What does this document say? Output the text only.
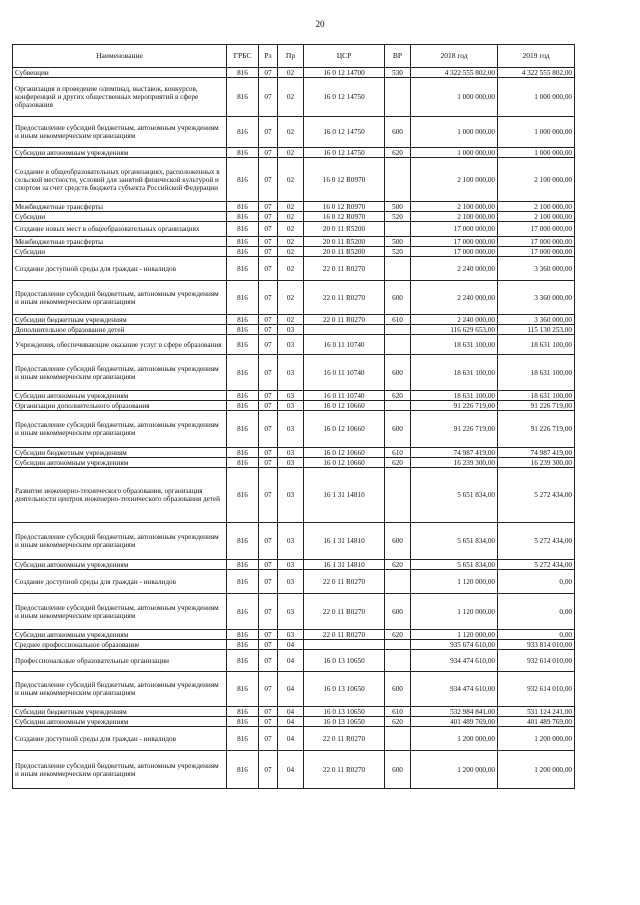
20
Наименование	ГРБС	Рз	Пр	ЦСР	ВР	2018 год	2019 год
Субвенции	816	07	02	16 0 12 14700	530	4 322 555 802,00	4 322 555 802,00
Организация и проведение олимпиад, выставок, конкурсов, конференций и других общественных мероприятий в сфере образования	816	07	02	16 0 12 14750		1 000 000,00	1 000 000,00
Предоставление субсидий бюджетным, автономным учреждениям и иным некоммерческим организациям	816	07	02	16 0 12 14750	600	1 000 000,00	1 000 000,00
Субсидии автономным учреждениям	816	07	02	16 0 12 14750	620	1 000 000,00	1 000 000,00
Создание в общеобразовательных организациях, расположенных в сельской местности, условий для занятий физической культурой и спортом за счет средств бюджета субъекта Российской Федерации	816	07	02	16 0 12 R0970		2 100 000,00	2 100 000,00
Межбюджетные трансферты	816	07	02	16 0 12 R0970	500	2 100 000,00	2 100 000,00
Субсидии	816	07	02	16 0 12 R0970	520	2 100 000,00	2 100 000,00
Создание новых мест в общеобразовательных организациях	816	07	02	20 0 11 R5200		17 000 000,00	17 000 000,00
Межбюджетные трансферты	816	07	02	20 0 11 R5200	500	17 000 000,00	17 000 000,00
Субсидии	816	07	02	20 0 11 R5200	520	17 000 000,00	17 000 000,00
Создание доступной среды для граждан - инвалидов	816	07	02	22 0 11 R0270		2 240 000,00	3 360 000,00
Предоставление субсидий бюджетным, автономным учреждениям и иным некоммерческим организациям	816	07	02	22 0 11 R0270	600	2 240 000,00	3 360 000,00
Субсидии бюджетным учреждениям	816	07	02	22 0 11 R0270	610	2 240 000,00	3 360 000,00
Дополнительное образование детей	816	07	03			116 629 653,00	115 130 253,00
Учреждения, обеспечивающие оказание услуг в сфере образования	816	07	03	16 0 11 10740		18 631 100,00	18 631 100,00
Предоставление субсидий бюджетным, автономным учреждениям и иным некоммерческим организациям	816	07	03	16 0 11 10740	600	18 631 100,00	18 631 100,00
Субсидии автономным учреждениям	816	07	03	16 0 11 10740	620	18 631 100,00	18 631 100,00
Организации дополнительного образования	816	07	03	16 0 12 10660		91 226 719,00	91 226 719,00
Предоставление субсидий бюджетным, автономным учреждениям и иным некоммерческим организациям	816	07	03	16 0 12 10660	600	91 226 719,00	91 226 719,00
Субсидии бюджетным учреждениям	816	07	03	16 0 12 10660	610	74 987 419,00	74 987 419,00
Субсидии автономным учреждениям	816	07	03	16 0 12 10660	620	16 239 300,00	16 239 300,00
Развитие инженерно-технического образования, организация деятельности центров инженерно-технического образования детей	816	07	03	16 1 31 14810		5 651 834,00	5 272 434,00
Предоставление субсидий бюджетным, автономным учреждениям и иным некоммерческим организациям	816	07	03	16 1 31 14810	600	5 651 834,00	5 272 434,00
Субсидии автономным учреждениям	816	07	03	16 1 31 14810	620	5 651 834,00	5 272 434,00
Создание доступной среды для граждан - инвалидов	816	07	03	22 0 11 R0270		1 120 000,00	0,00
Предоставление субсидий бюджетным, автономным учреждениям и иным некоммерческим организациям	816	07	03	22 0 11 R0270	600	1 120 000,00	0,00
Субсидии автономным учреждениям	816	07	03	22 0 11 R0270	620	1 120 000,00	0,00
Среднее профессиональное образование	816	07	04			935 674 610,00	933 814 010,00
Профессиональные образовательные организации	816	07	04	16 0 13 10650		934 474 610,00	932 614 010,00
Предоставление субсидий бюджетным, автономным учреждениям и иным некоммерческим организациям	816	07	04	16 0 13 10650	600	934 474 610,00	932 614 010,00
Субсидии бюджетным учреждениям	816	07	04	16 0 13 10650	610	532 984 841,00	531 124 241,00
Субсидии автономным учреждениям	816	07	04	16 0 13 10650	620	401 489 769,00	401 489 769,00
Создание доступной среды для граждан - инвалидов	816	07	04	22 0 11 R0270		1 200 000,00	1 200 000,00
Предоставление субсидий бюджетным, автономным учреждениям и иным некоммерческим организациям	816	07	04	22 0 11 R0270	600	1 200 000,00	1 200 000,00
